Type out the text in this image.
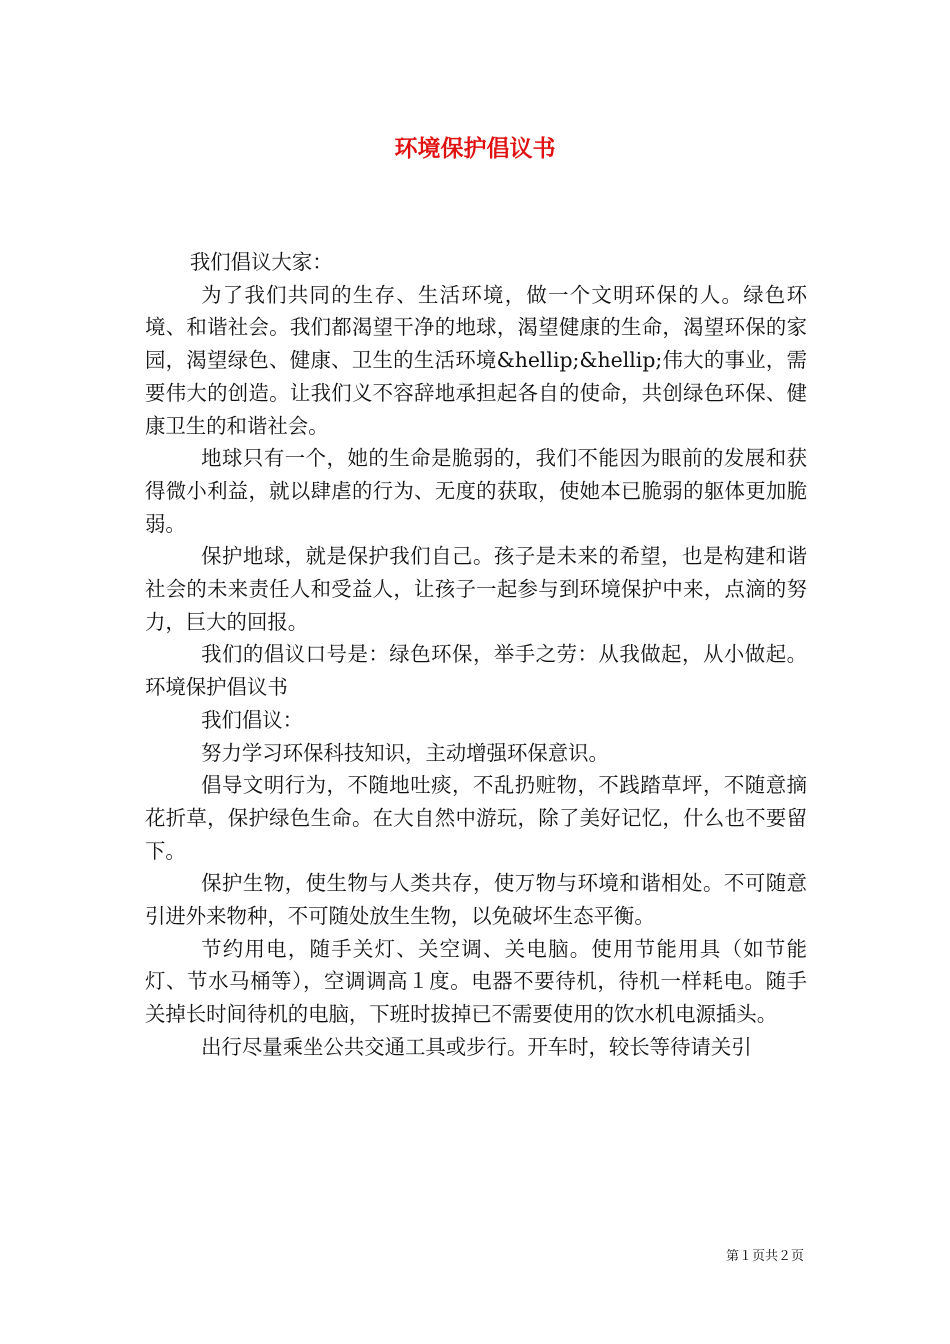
环境保护倡议书

我们倡议大家：

为了我们共同的生存、生活环境，做一个文明环保的人。绿色环境、和谐社会。我们都渴望干净的地球，渴望健康的生命，渴望环保的家园，渴望绿色、健康、卫生的生活环境&hellip;&hellip;伟大的事业，需要伟大的创造。让我们义不容辞地承担起各自的使命，共创绿色环保、健康卫生的和谐社会。

地球只有一个，她的生命是脆弱的，我们不能因为眼前的发展和获得微小利益，就以肆虐的行为、无度的获取，使她本已脆弱的躯体更加脆弱。

保护地球，就是保护我们自己。孩子是未来的希望，也是构建和谐社会的未来责任人和受益人，让孩子一起参与到环境保护中来，点滴的努力，巨大的回报。

我们的倡议口号是：绿色环保，举手之劳：从我做起，从小做起。环境保护倡议书

我们倡议：

努力学习环保科技知识，主动增强环保意识。

倡导文明行为，不随地吐痰，不乱扔赃物，不践踏草坪，不随意摘花折草，保护绿色生命。在大自然中游玩，除了美好记忆，什么也不要留下。

保护生物，使生物与人类共存，使万物与环境和谐相处。不可随意引进外来物种，不可随处放生生物，以免破坏生态平衡。

节约用电，随手关灯、关空调、关电脑。使用节能用具（如节能灯、节水马桶等），空调调高１度。电器不要待机，待机一样耗电。随手关掉长时间待机的电脑，下班时拔掉已不需要使用的饮水机电源插头。

出行尽量乘坐公共交通工具或步行。开车时，较长等待请关引

第１页共２页
